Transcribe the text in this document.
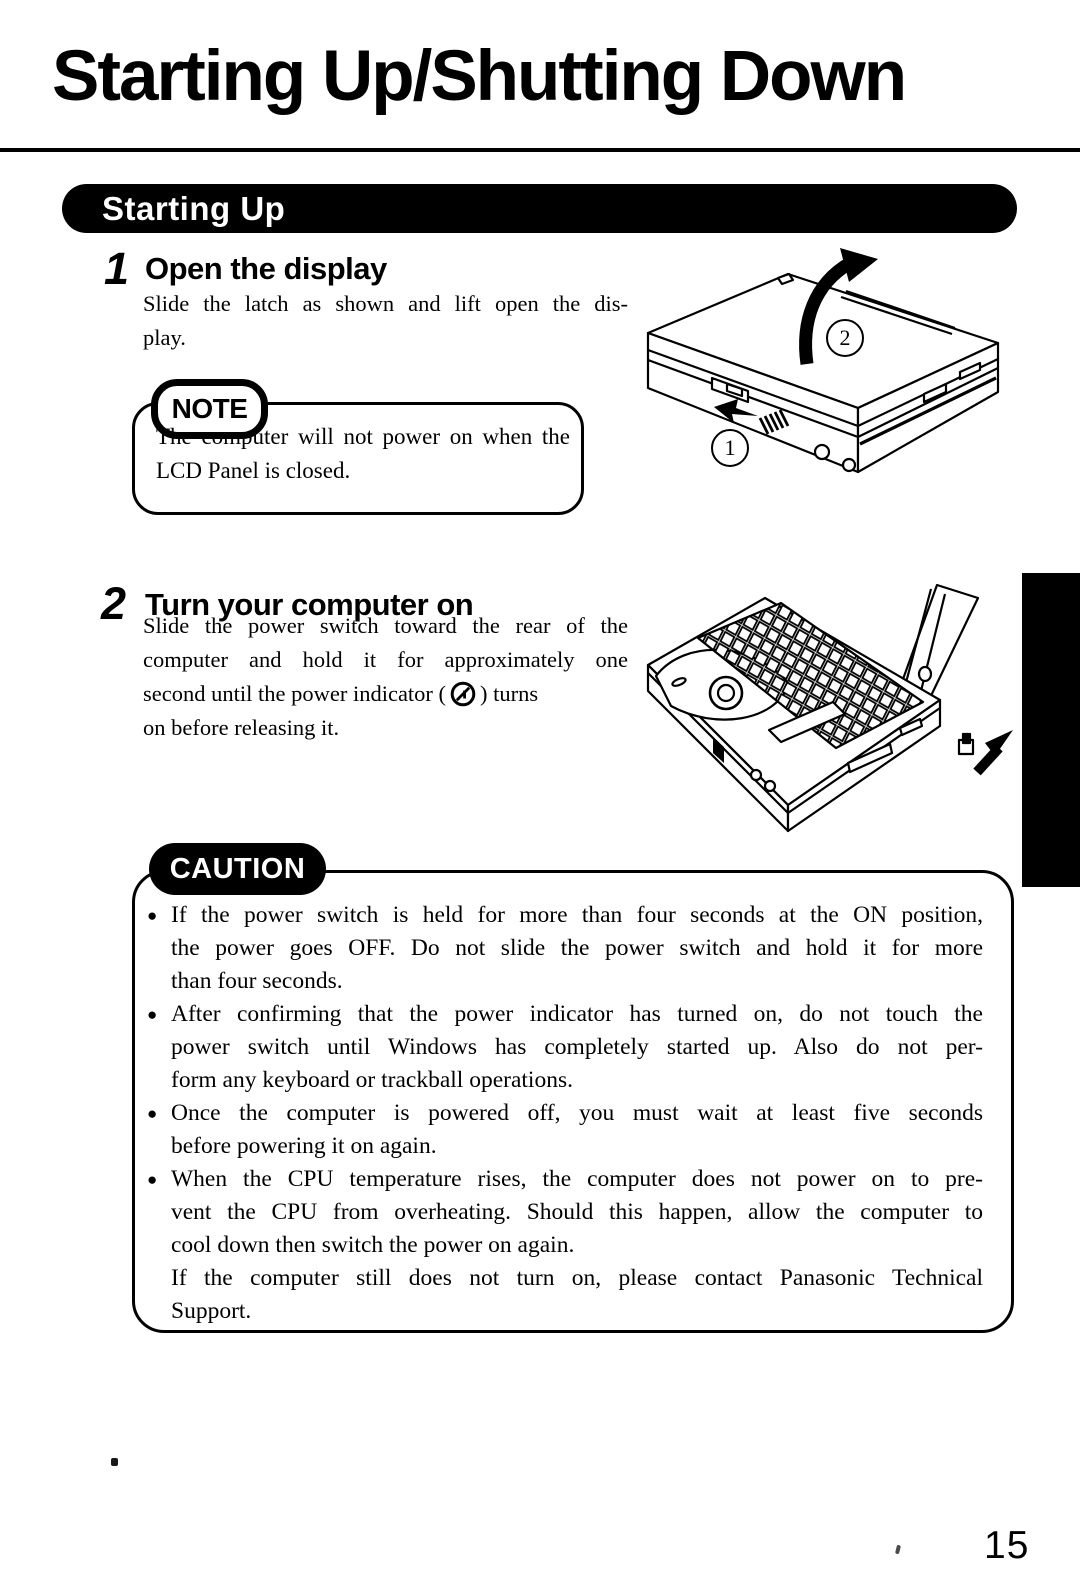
Starting Up/Shutting Down
Starting Up
1 Open the display
Slide the latch as shown and lift open the dis-
play.
NOTE
The computer will not power on when the
LCD Panel is closed.
1
2
2 Turn your computer on
Slide the power switch toward the rear of the
computer and hold it for approximately one
second until the power indicator ( ) turns
on before releasing it.
CAUTION
● If the power switch is held for more than four seconds at the ON position,
the power goes OFF. Do not slide the power switch and hold it for more
than four seconds.
● After confirming that the power indicator has turned on, do not touch the
power switch until Windows has completely started up. Also do not per-
form any keyboard or trackball operations.
● Once the computer is powered off, you must wait at least five seconds
before powering it on again.
● When the CPU temperature rises, the computer does not power on to pre-
vent the CPU from overheating. Should this happen, allow the computer to
cool down then switch the power on again.
If the computer still does not turn on, please contact Panasonic Technical
Support.
15
